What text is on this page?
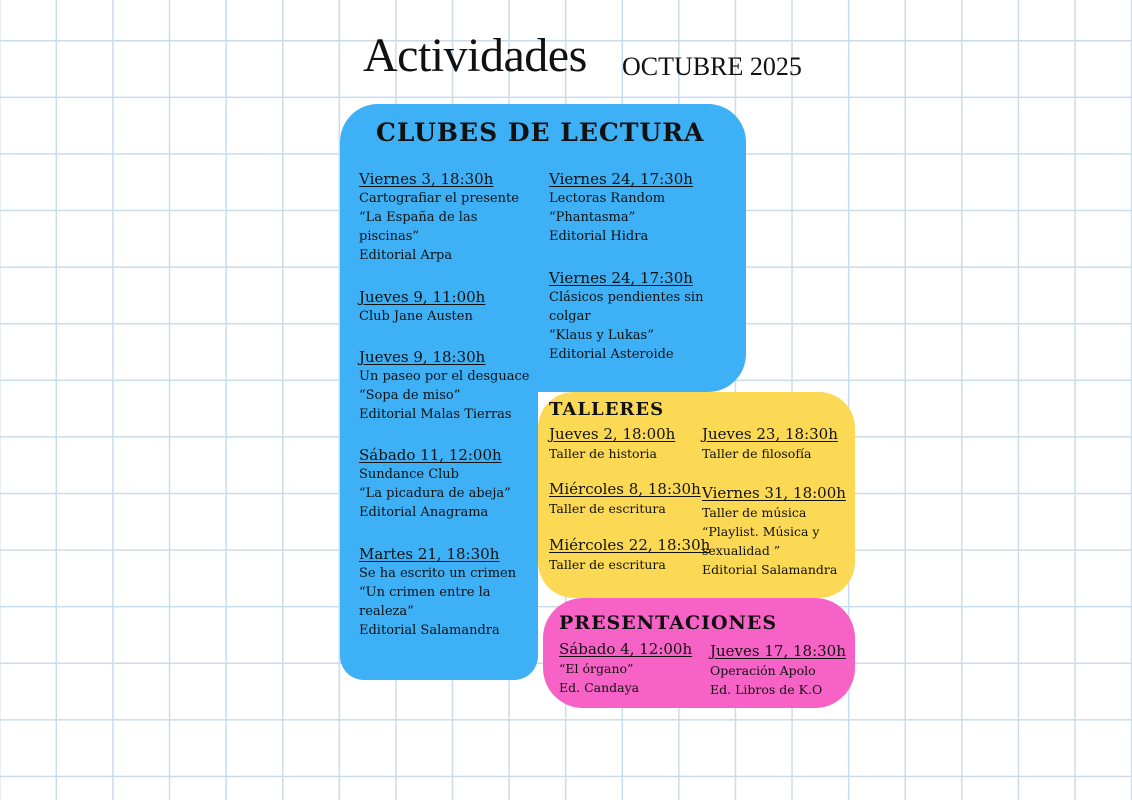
Actividades OCTUBRE 2025
CLUBES DE LECTURA
Viernes 3, 18:30h
Cartografiar el presente
“La España de las piscinas”
Editorial Arpa
Jueves 9, 11:00h
Club Jane Austen
Jueves 9, 18:30h
Un paseo por el desguace
“Sopa de miso”
Editorial Malas Tierras
Sábado 11, 12:00h
Sundance Club
“La picadura de abeja”
Editorial Anagrama
Martes 21, 18:30h
Se ha escrito un crimen
“Un crimen entre la realeza”
Editorial Salamandra
Viernes 24, 17:30h
Lectoras Random
“Phantasma”
Editorial Hidra
Viernes 24, 17:30h
Clásicos pendientes sin colgar
“Klaus y Lukas”
Editorial Asteroide
TALLERES
Jueves 2, 18:00h
Taller de historia
Miércoles 8, 18:30h
Taller de escritura
Miércoles 22, 18:30h
Taller de escritura
Jueves 23, 18:30h
Taller de filosofía
Viernes 31, 18:00h
Taller de música
“Playlist. Música y sexualidad ”
Editorial Salamandra
PRESENTACIONES
Sábado 4, 12:00h
“El órgano”
Ed. Candaya
Jueves 17, 18:30h
Operación Apolo
Ed. Libros de K.O
